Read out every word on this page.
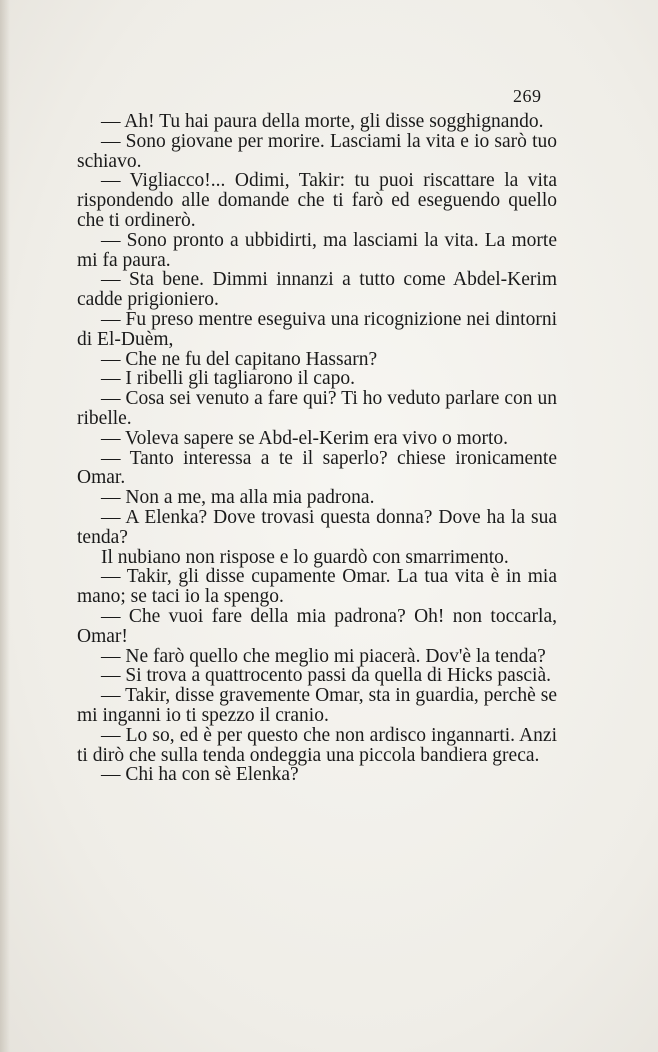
269

— Ah! Tu hai paura della morte, gli disse sogghignando.

— Sono giovane per morire. Lasciami la vita e io sarò tuo schiavo.

— Vigliacco!... Odimi, Takir: tu puoi riscattare la vita rispondendo alle domande che ti farò ed eseguendo quello che ti ordinerò.

— Sono pronto a ubbidirti, ma lasciami la vita. La morte mi fa paura.

— Sta bene. Dimmi innanzi a tutto come Abdel-Kerim cadde prigioniero.

— Fu preso mentre eseguiva una ricognizione nei dintorni di El-Duèm,

— Che ne fu del capitano Hassarn?

— I ribelli gli tagliarono il capo.

— Cosa sei venuto a fare qui? Ti ho veduto parlare con un ribelle.

— Voleva sapere se Abd-el-Kerim era vivo o morto.

— Tanto interessa a te il saperlo? chiese ironicamente Omar.

— Non a me, ma alla mia padrona.

— A Elenka? Dove trovasi questa donna? Dove ha la sua tenda?

Il nubiano non rispose e lo guardò con smarrimento.

— Takir, gli disse cupamente Omar. La tua vita è in mia mano; se taci io la spengo.

— Che vuoi fare della mia padrona? Oh! non toccarla, Omar!

— Ne farò quello che meglio mi piacerà. Dov'è la tenda?

— Si trova a quattrocento passi da quella di Hicks pascià.

— Takir, disse gravemente Omar, sta in guardia, perchè se mi inganni io ti spezzo il cranio.

— Lo so, ed è per questo che non ardisco ingannarti. Anzi ti dirò che sulla tenda ondeggia una piccola bandiera greca.

— Chi ha con sè Elenka?
